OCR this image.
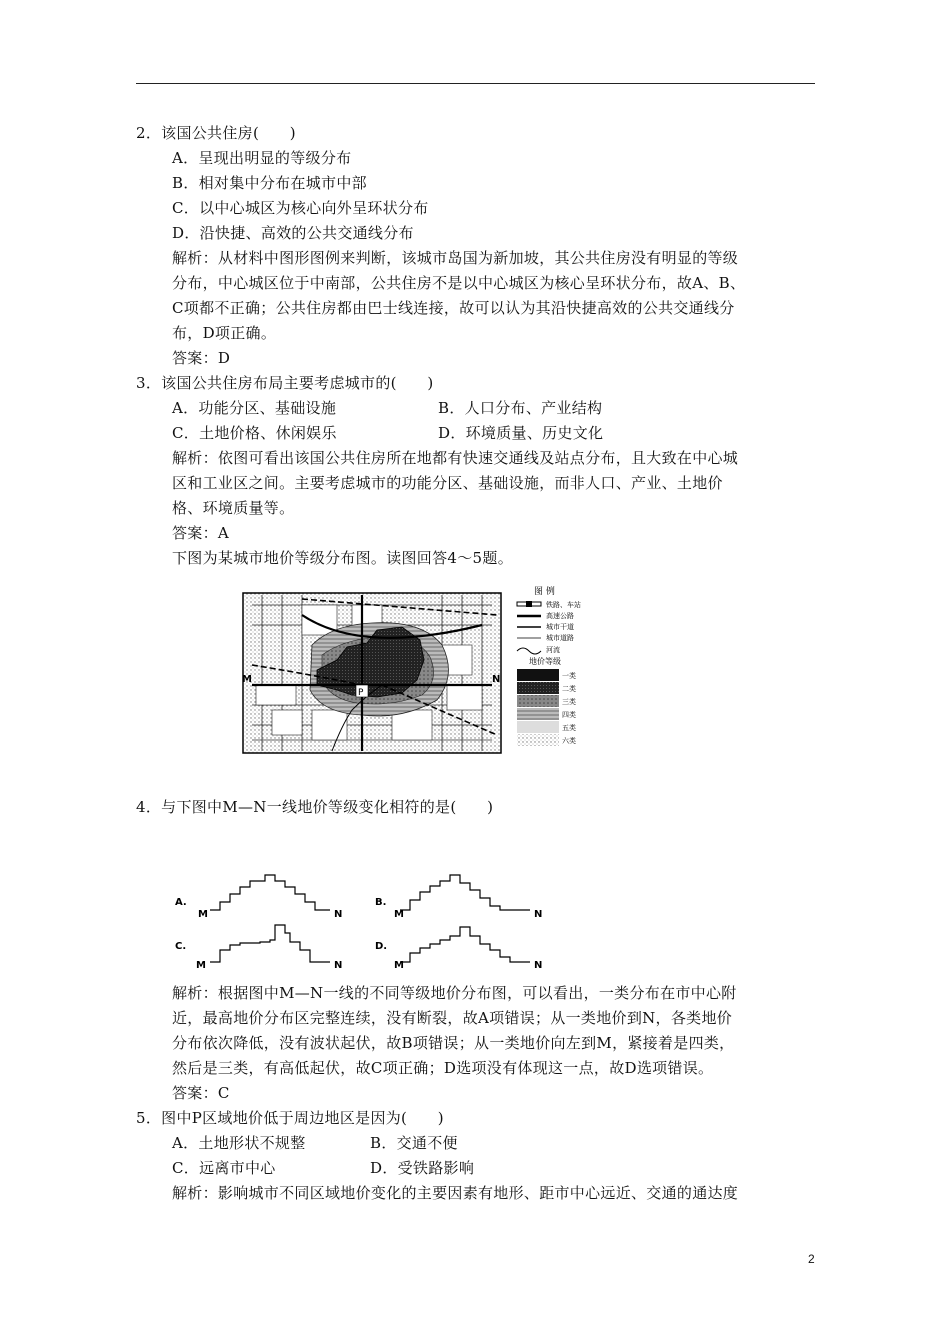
2．该国公共住房(　　)
A．呈现出明显的等级分布
B．相对集中分布在城市中部
C．以中心城区为核心向外呈环状分布
D．沿快捷、高效的公共交通线分布
解析：从材料中图形图例来判断，该城市岛国为新加坡，其公共住房没有明显的等级
分布，中心城区位于中南部，公共住房不是以中心城区为核心呈环状分布，故A、B、
C项都不正确；公共住房都由巴士线连接，故可以认为其沿快捷高效的公共交通线分
布，D项正确。
答案：D
3．该国公共住房布局主要考虑城市的(　　)
A．功能分区、基础设施	B．人口分布、产业结构
C．土地价格、休闲娱乐	D．环境质量、历史文化
解析：依图可看出该国公共住房所在地都有快速交通线及站点分布，且大致在中心城
区和工业区之间。主要考虑城市的功能分区、基础设施，而非人口、产业、土地价
格、环境质量等。
答案：A
下图为某城市地价等级分布图。读图回答4～5题。
P
M	N
图 例
铁路、车站
高速公路
城市干道
城市道路
河流
地价等级
一类
二类
三类
四类
五类
六类
4．与下图中M—N一线地价等级变化相符的是(　　)
A.
M	N
B.
M	N
C.
M	N
D.
M	N
解析：根据图中M—N一线的不同等级地价分布图，可以看出，一类分布在市中心附
近，最高地价分布区完整连续，没有断裂，故A项错误；从一类地价到N，各类地价
分布依次降低，没有波状起伏，故B项错误；从一类地价向左到M，紧接着是四类，
然后是三类，有高低起伏，故C项正确；D选项没有体现这一点，故D选项错误。
答案：C
5．图中P区域地价低于周边地区是因为(　　)
A．土地形状不规整	B．交通不便
C．远离市中心	D．受铁路影响
解析：影响城市不同区域地价变化的主要因素有地形、距市中心远近、交通的通达度
2
